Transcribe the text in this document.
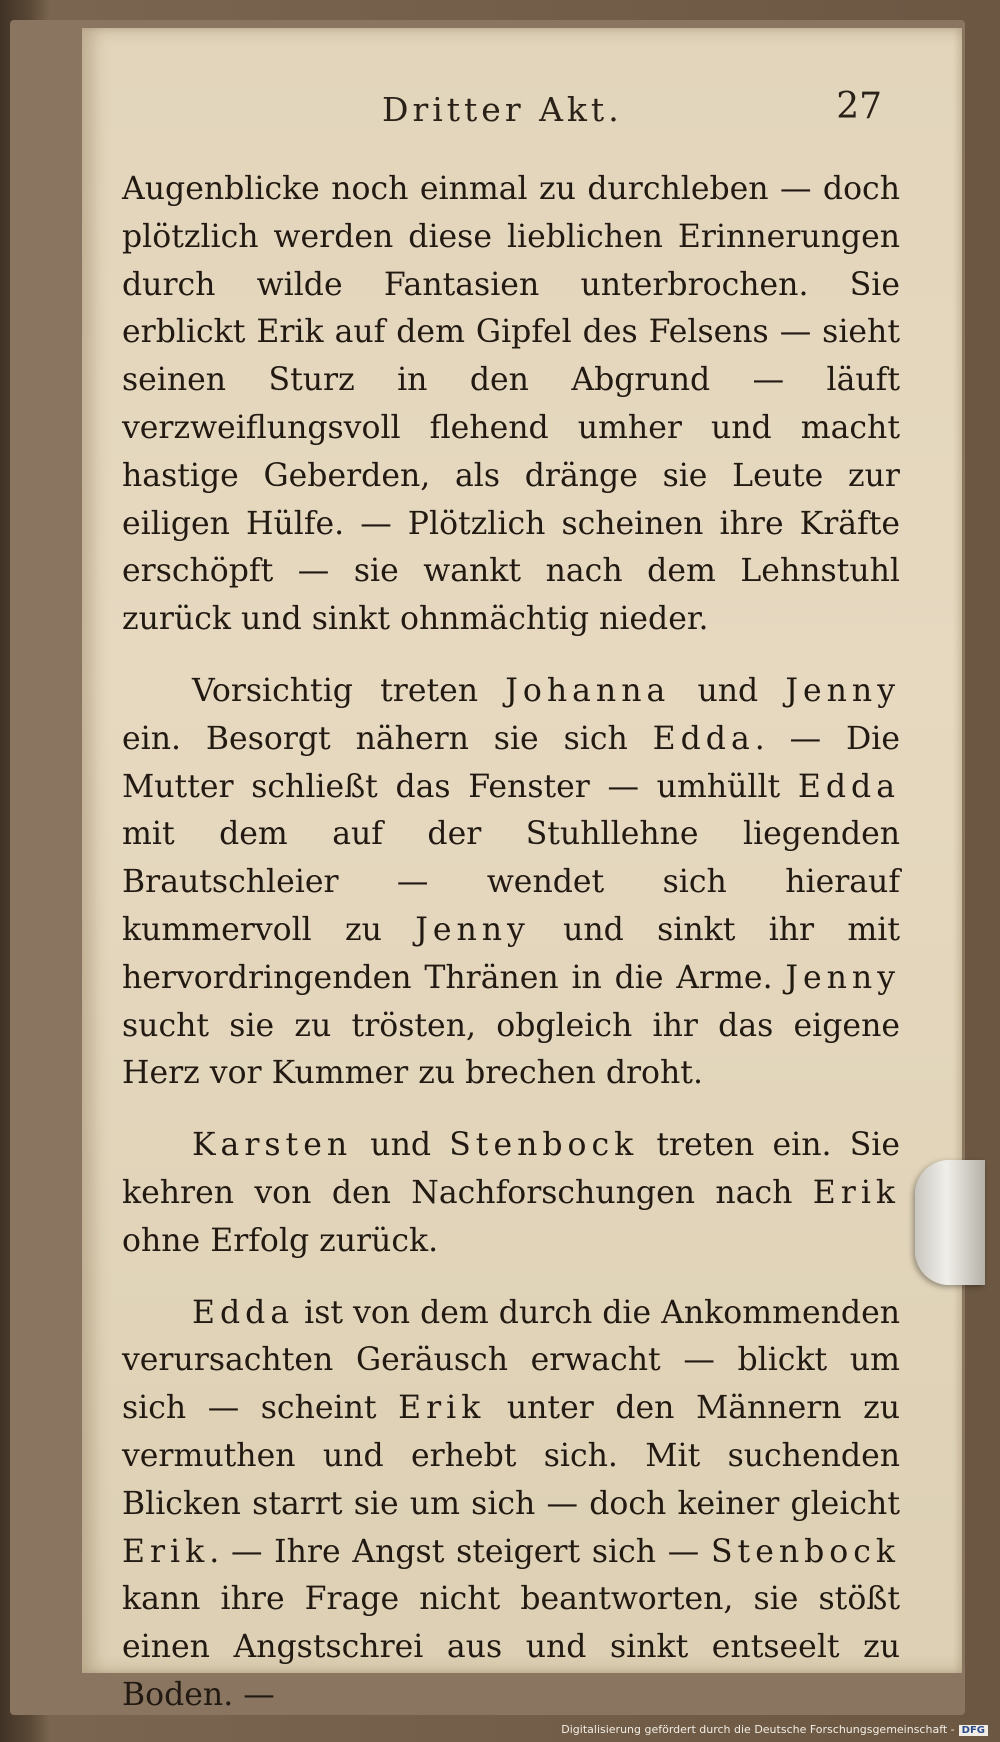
Dritter Akt.	27

Augenblicke noch einmal zu durchleben — doch plötzlich werden diese lieblichen Erinnerungen durch wilde Fantasien unterbrochen. Sie erblickt Erik auf dem Gipfel des Felsens — sieht seinen Sturz in den Abgrund — läuft verzweiflungsvoll flehend umher und macht hastige Geberden, als dränge sie Leute zur eiligen Hülfe. — Plötzlich scheinen ihre Kräfte erschöpft — sie wankt nach dem Lehnstuhl zurück und sinkt ohnmächtig nieder.

Vorsichtig treten Johanna und Jenny ein. Besorgt nähern sie sich Edda. — Die Mutter schließt das Fenster — umhüllt Edda mit dem auf der Stuhllehne liegenden Brautschleier — wendet sich hierauf kummervoll zu Jenny und sinkt ihr mit hervordringenden Thränen in die Arme. Jenny sucht sie zu trösten, obgleich ihr das eigene Herz vor Kummer zu brechen droht.

Karsten und Stenbock treten ein. Sie kehren von den Nachforschungen nach Erik ohne Erfolg zurück.

Edda ist von dem durch die Ankommenden verursachten Geräusch erwacht — blickt um sich — scheint Erik unter den Männern zu vermuthen und erhebt sich. Mit suchenden Blicken starrt sie um sich — doch keiner gleicht Erik. — Ihre Angst steigert sich — Stenbock kann ihre Frage nicht beantworten, sie stößt einen Angstschrei aus und sinkt entseelt zu Boden. —

Digitalisierung gefördert durch die Deutsche Forschungsgemeinschaft - DFG
